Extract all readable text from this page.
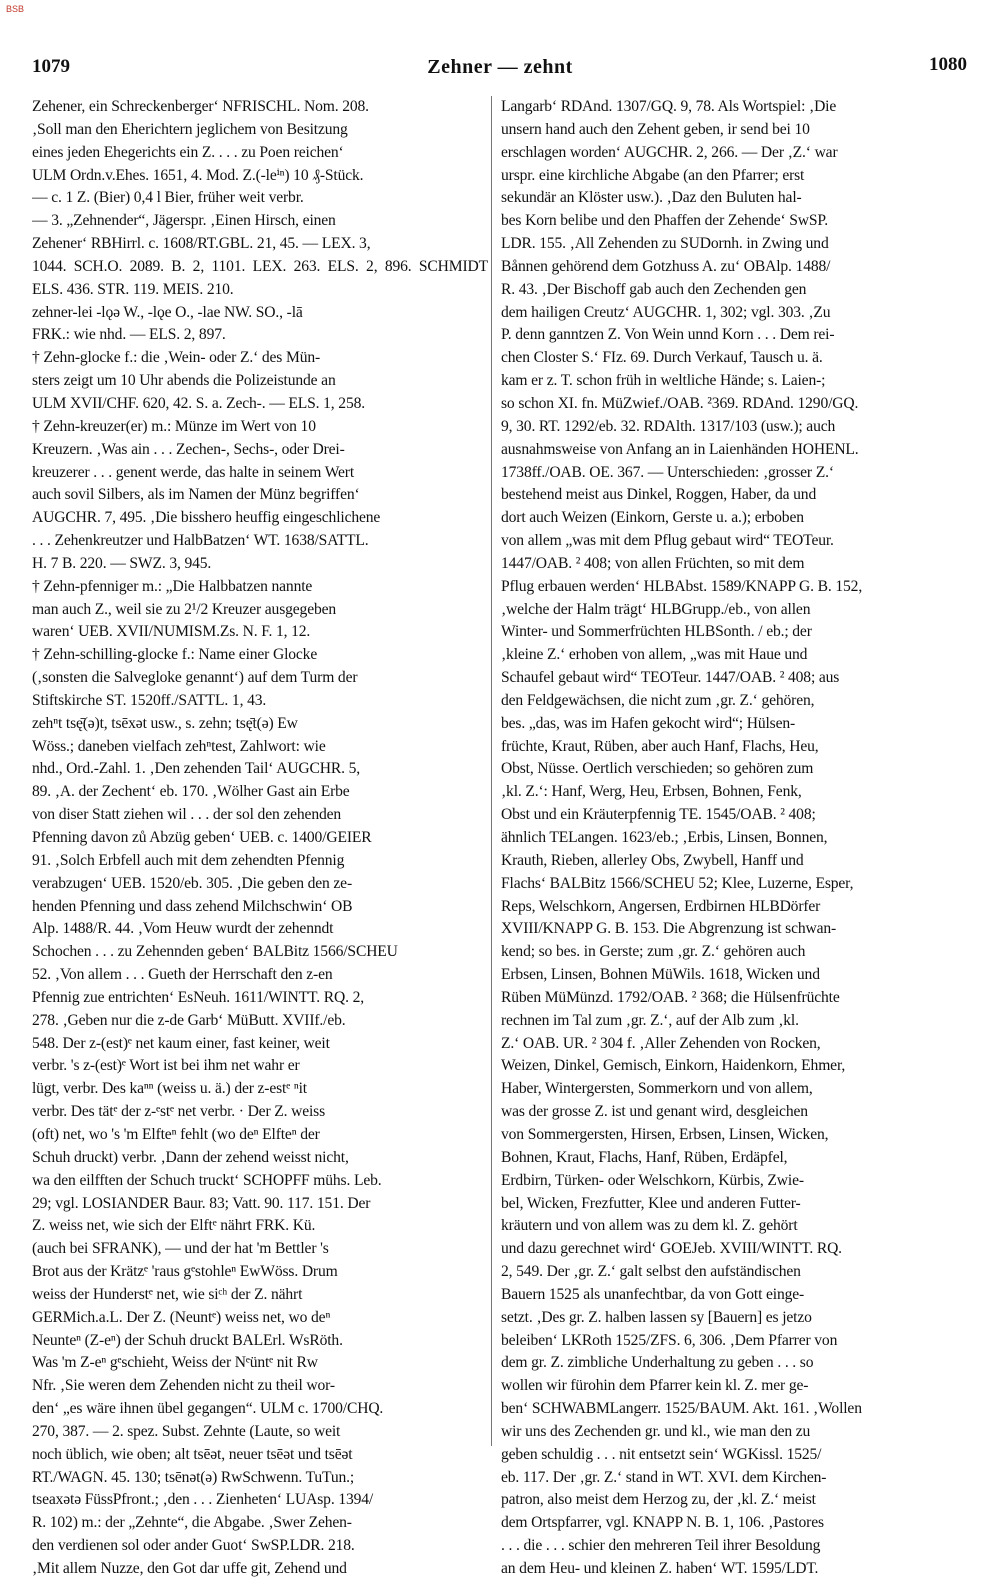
BSB
1079	Zehner — zehnt	1080
Zehener, ein Schreckenberger‘ NFRISCHL. Nom. 208.
‚Soll man den Eherichtern jeglichem von Besitzung
eines jeden Ehegerichts ein Z. . . . zu Poen reichen‘
ULM Ordn.v.Ehes. 1651, 4. Mod. Z.(-leⁱⁿ) 10 ₰-Stück.
— c. 1 Z. (Bier) 0,4 l Bier, früher weit verbr.
— 3. „Zehnender“, Jägerspr. ‚Einen Hirsch, einen
Zehener‘ RBHirrl. c. 1608/RT.GBL. 21, 45. — LEX. 3,
1044. SCH.O. 2089. B. 2, 1101. LEX. 263. ELS. 2, 896. SCHMIDT
ELS. 436. STR. 119. MEIS. 210.
zehner-lei -lǫə W., -lǫe O., -lae NW. SO., -lā
FRK.: wie nhd. — ELS. 2, 897.
† Zehn-glocke f.: die ‚Wein- oder Z.‘ des Mün-
sters zeigt um 10 Uhr abends die Polizeistunde an
ULM XVII/CHF. 620, 42. S. a. Zech-. — ELS. 1, 258.
† Zehn-kreuzer(er) m.: Münze im Wert von 10
Kreuzern. ‚Was ain . . . Zechen-, Sechs-, oder Drei-
kreuzerer . . . genent werde, das halte in seinem Wert
auch sovil Silbers, als im Namen der Münz begriffen‘
AUGCHR. 7, 495. ‚Die bisshero heuffig eingeschlichene
. . . Zehenkreutzer und HalbBatzen‘ WT. 1638/SATTL.
H. 7 B. 220. — SWZ. 3, 945.
† Zehn-pfenniger m.: „Die Halbbatzen nannte
man auch Z., weil sie zu 2¹/2 Kreuzer ausgegeben
waren‘ UEB. XVII/NUMISM.Zs. N. F. 1, 12.
† Zehn-schilling-glocke f.: Name einer Glocke
(‚sonsten die Salvegloke genannt‘) auf dem Turm der
Stiftskirche ST. 1520ff./SATTL. 1, 43.
zehⁿt tsę̄(ə)t, tsēxət usw., s. zehn; tsę̄t(ə) Ew
Wöss.; daneben vielfach zehⁿtest, Zahlwort: wie
nhd., Ord.-Zahl. 1. ‚Den zehenden Tail‘ AUGCHR. 5,
89. ‚A. der Zechent‘ eb. 170. ‚Wölher Gast ain Erbe
von diser Statt ziehen wil . . . der sol den zehenden
Pfenning davon zů Abzüg geben‘ UEB. c. 1400/GEIER
91. ‚Solch Erbfell auch mit dem zehendten Pfennig
verabzugen‘ UEB. 1520/eb. 305. ‚Die geben den ze-
henden Pfenning und dass zehend Milchschwin‘ OB
Alp. 1488/R. 44. ‚Vom Heuw wurdt der zehenndt
Schochen . . . zu Zehennden geben‘ BALBitz 1566/SCHEU
52. ‚Von allem . . . Gueth der Herrschaft den z-en
Pfennig zue entrichten‘ EsNeuh. 1611/WINTT. RQ. 2,
278. ‚Geben nur die z-de Garb‘ MüButt. XVIIf./eb.
548. Der z-(est)ᵉ net kaum einer, fast keiner, weit
verbr. 's z-(est)ᵉ Wort ist bei ihm net wahr er
lügt, verbr. Des kaⁿⁿ (weiss u. ä.) der z-estᵉ ⁿit
verbr. Des tätᵉ der z-ᵉstᵉ net verbr. · Der Z. weiss
(oft) net, wo 's 'm Elfteⁿ fehlt (wo deⁿ Elfteⁿ der
Schuh druckt) verbr. ‚Dann der zehend weisst nicht,
wa den eilfften der Schuch truckt‘ SCHOPFF mühs. Leb.
29; vgl. LOSIANDER Baur. 83; Vatt. 90. 117. 151. Der
Z. weiss net, wie sich der Elftᵉ nährt FRK. Kü.
(auch bei SFRANK), — und der hat 'm Bettler 's
Brot aus der Krätzᵉ 'raus gᵉstohleⁿ EwWöss. Drum
weiss der Hunderstᵉ net, wie siᶜʰ der Z. nährt
GERMich.a.L. Der Z. (Neuntᵉ) weiss net, wo deⁿ
Neunteⁿ (Z-eⁿ) der Schuh druckt BALErl. WsRöth.
Was 'm Z-eⁿ gᵉschieht, Weiss der Nᵉüntᵉ nit Rw
Nfr. ‚Sie weren dem Zehenden nicht zu theil wor-
den‘ „es wäre ihnen übel gegangen“. ULM c. 1700/CHQ.
270, 387. — 2. spez. Subst. Zehnte (Laute, so weit
noch üblich, wie oben; alt tsēət, neuer tsēət und tsēət
RT./WAGN. 45. 130; tsēnət(ə) RwSchwenn. TuTun.;
tseaxətə FüssPfront.; ‚den . . . Zienheten‘ LUAsp. 1394/
R. 102) m.: der „Zehnte“, die Abgabe. ‚Swer Zehen-
den verdienen sol oder ander Guot‘ SwSP.LDR. 218.
‚Mit allem Nuzze, den Got dar uffe git, Zehend und
Langarb‘ RDAnd. 1307/GQ. 9, 78. Als Wortspiel: ‚Die
unsern hand auch den Zehent geben, ir send bei 10
erschlagen worden‘ AUGCHR. 2, 266. — Der ‚Z.‘ war
urspr. eine kirchliche Abgabe (an den Pfarrer; erst
sekundär an Klöster usw.). ‚Daz den Buluten hal-
bes Korn belibe und den Phaffen der Zehende‘ SwSP.
LDR. 155. ‚All Zehenden zu SUDornh. in Zwing und
Bånnen gehörend dem Gotzhuss A. zu‘ OBAlp. 1488/
R. 43. ‚Der Bischoff gab auch den Zechenden gen
dem hailigen Creutz‘ AUGCHR. 1, 302; vgl. 303. ‚Zu
P. denn ganntzen Z. Von Wein unnd Korn . . . Dem rei-
chen Closter S.‘ FIz. 69. Durch Verkauf, Tausch u. ä.
kam er z. T. schon früh in weltliche Hände; s. Laien-;
so schon XI. fn. MüZwief./OAB. ²369. RDAnd. 1290/GQ.
9, 30. RT. 1292/eb. 32. RDAlth. 1317/103 (usw.); auch
ausnahmsweise von Anfang an in Laienhänden HOHENL.
1738ff./OAB. OE. 367. — Unterschieden: ‚grosser Z.‘
bestehend meist aus Dinkel, Roggen, Haber, da und
dort auch Weizen (Einkorn, Gerste u. a.); erboben
von allem „was mit dem Pflug gebaut wird“ TEOTeur.
1447/OAB. ² 408; von allen Früchten, so mit dem
Pflug erbauen werden‘ HLBAbst. 1589/KNAPP G. B. 152,
‚welche der Halm trägt‘ HLBGrupp./eb., von allen
Winter- und Sommerfrüchten HLBSonth. / eb.; der
‚kleine Z.‘ erhoben von allem, „was mit Haue und
Schaufel gebaut wird“ TEOTeur. 1447/OAB. ² 408; aus
den Feldgewächsen, die nicht zum ‚gr. Z.‘ gehören,
bes. „das, was im Hafen gekocht wird“; Hülsen-
früchte, Kraut, Rüben, aber auch Hanf, Flachs, Heu,
Obst, Nüsse. Oertlich verschieden; so gehören zum
‚kl. Z.‘: Hanf, Werg, Heu, Erbsen, Bohnen, Fenk,
Obst und ein Kräuterpfennig TE. 1545/OAB. ² 408;
ähnlich TELangen. 1623/eb.; ‚Erbis, Linsen, Bonnen,
Krauth, Rieben, allerley Obs, Zwybell, Hanff und
Flachs‘ BALBitz 1566/SCHEU 52; Klee, Luzerne, Esper,
Reps, Welschkorn, Angersen, Erdbirnen HLBDörfer
XVIII/KNAPP G. B. 153. Die Abgrenzung ist schwan-
kend; so bes. in Gerste; zum ‚gr. Z.‘ gehören auch
Erbsen, Linsen, Bohnen MüWils. 1618, Wicken und
Rüben MüMünzd. 1792/OAB. ² 368; die Hülsenfrüchte
rechnen im Tal zum ‚gr. Z.‘, auf der Alb zum ‚kl.
Z.‘ OAB. UR. ² 304 f. ‚Aller Zehenden von Rocken,
Weizen, Dinkel, Gemisch, Einkorn, Haidenkorn, Ehmer,
Haber, Wintergersten, Sommerkorn und von allem,
was der grosse Z. ist und genant wird, desgleichen
von Sommergersten, Hirsen, Erbsen, Linsen, Wicken,
Bohnen, Kraut, Flachs, Hanf, Rüben, Erdäpfel,
Erdbirn, Türken- oder Welschkorn, Kürbis, Zwie-
bel, Wicken, Frezfutter, Klee und anderen Futter-
kräutern und von allem was zu dem kl. Z. gehört
und dazu gerechnet wird‘ GOEJeb. XVIII/WINTT. RQ.
2, 549. Der ‚gr. Z.‘ galt selbst den aufständischen
Bauern 1525 als unanfechtbar, da von Gott einge-
setzt. ‚Des gr. Z. halben lassen sy [Bauern] es jetzo
beleiben‘ LKRoth 1525/ZFS. 6, 306. ‚Dem Pfarrer von
dem gr. Z. zimbliche Underhaltung zu geben . . . so
wollen wir fürohin dem Pfarrer kein kl. Z. mer ge-
ben‘ SCHWABMLangerr. 1525/BAUM. Akt. 161. ‚Wollen
wir uns des Zechenden gr. und kl., wie man den zu
geben schuldig . . . nit entsetzt sein‘ WGKissl. 1525/
eb. 117. Der ‚gr. Z.‘ stand in WT. XVI. dem Kirchen-
patron, also meist dem Herzog zu, der ‚kl. Z.‘ meist
dem Ortspfarrer, vgl. KNAPP N. B. 1, 106. ‚Pastores
. . . die . . . schier den mehreren Teil ihrer Besoldung
an dem Heu- und kleinen Z. haben‘ WT. 1595/LDT.
